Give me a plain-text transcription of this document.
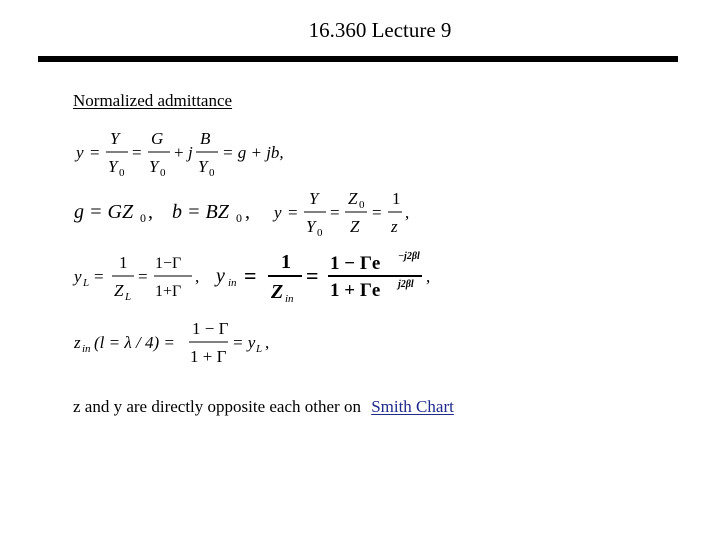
16.360 Lecture 9
Normalized admittance
y =
Y
Y 0
=
G
Y 0
+ j
B
Y 0
= g + jb,
g = GZ 0 , b = BZ 0 , y =
Y
Y 0
=
Z 0
Z
=
1
z
,
y L =
1
Z L
=
1−Γ
1+Γ
, y in =
1
Z in
= 1 − Γe −j2βl
1 + Γe j2βl ,
z in (l = λ / 4) =
1 − Γ
1 + Γ
= y L ,
z and y are directly opposite each other on Smith Chart
